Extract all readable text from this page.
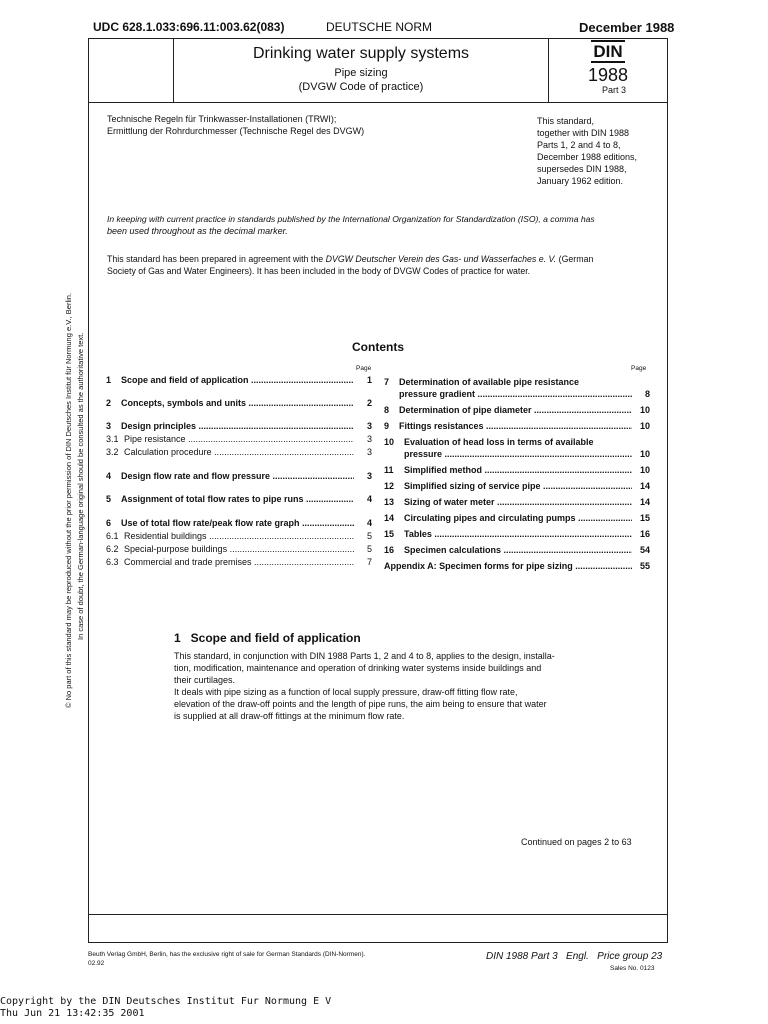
UDC 628.1.033:696.11:003.62(083)	DEUTSCHE NORM	December 1988
Drinking water supply systems
Pipe sizing
(DVGW Code of practice)
DIN
1988
Part 3
Technische Regeln für Trinkwasser-Installationen (TRWI);
Ermittlung der Rohrdurchmesser (Technische Regel des DVGW)
This standard,
together with DIN 1988
Parts 1, 2 and 4 to 8,
December 1988 editions,
supersedes DIN 1988,
January 1962 edition.
In keeping with current practice in standards published by the International Organization for Standardization (ISO), a comma has
been used throughout as the decimal marker.
This standard has been prepared in agreement with the DVGW Deutscher Verein des Gas- und Wasserfaches e. V. (German
Society of Gas and Water Engineers). It has been included in the body of DVGW Codes of practice for water.
Contents
Page	Page
1 Scope and field of application .....	1
2 Concepts, symbols and units .....	2
3 Design principles .....	3
3.1 Pipe resistance .....	3
3.2 Calculation procedure .....	3
4 Design flow rate and flow pressure .....	3
5 Assignment of total flow rates to pipe runs .....	4
6 Use of total flow rate/peak flow rate graph .....	4
6.1 Residential buildings .....	5
6.2 Special-purpose buildings .....	5
6.3 Commercial and trade premises .....	7
7 Determination of available pipe resistance
pressure gradient .....	8
8 Determination of pipe diameter .....	10
9 Fittings resistances .....	10
10 Evaluation of head loss in terms of available
pressure .....	10
11 Simplified method .....	10
12 Simplified sizing of service pipe .....	14
13 Sizing of water meter .....	14
14 Circulating pipes and circulating pumps .....	15
15 Tables .....	16
16 Specimen calculations .....	54
Appendix A: Specimen forms for pipe sizing .....	55
1   Scope and field of application
This standard, in conjunction with DIN 1988 Parts 1, 2 and 4 to 8, applies to the design, installa-
tion, modification, maintenance and operation of drinking water systems inside buildings and
their curtilages.
It deals with pipe sizing as a function of local supply pressure, draw-off fitting flow rate,
elevation of the draw-off points and the length of pipe runs, the aim being to ensure that water
is supplied at all draw-off fittings at the minimum flow rate.
Continued on pages 2 to 63
© No part of this standard may be reproduced without the prior permission of DIN Deutsches Institut für Normung e.V., Berlin. In case of doubt, the German-language original should be consulted as the authoritative text.
Beuth Verlag GmbH, Berlin, has the exclusive right of sale for German Standards (DIN-Normen).
02.92
DIN 1988 Part 3   Engl.   Price group 23
Sales No. 0123
Copyright by the DIN Deutsches Institut Fur Normung E V
Thu Jun 21 13:42:35 2001
